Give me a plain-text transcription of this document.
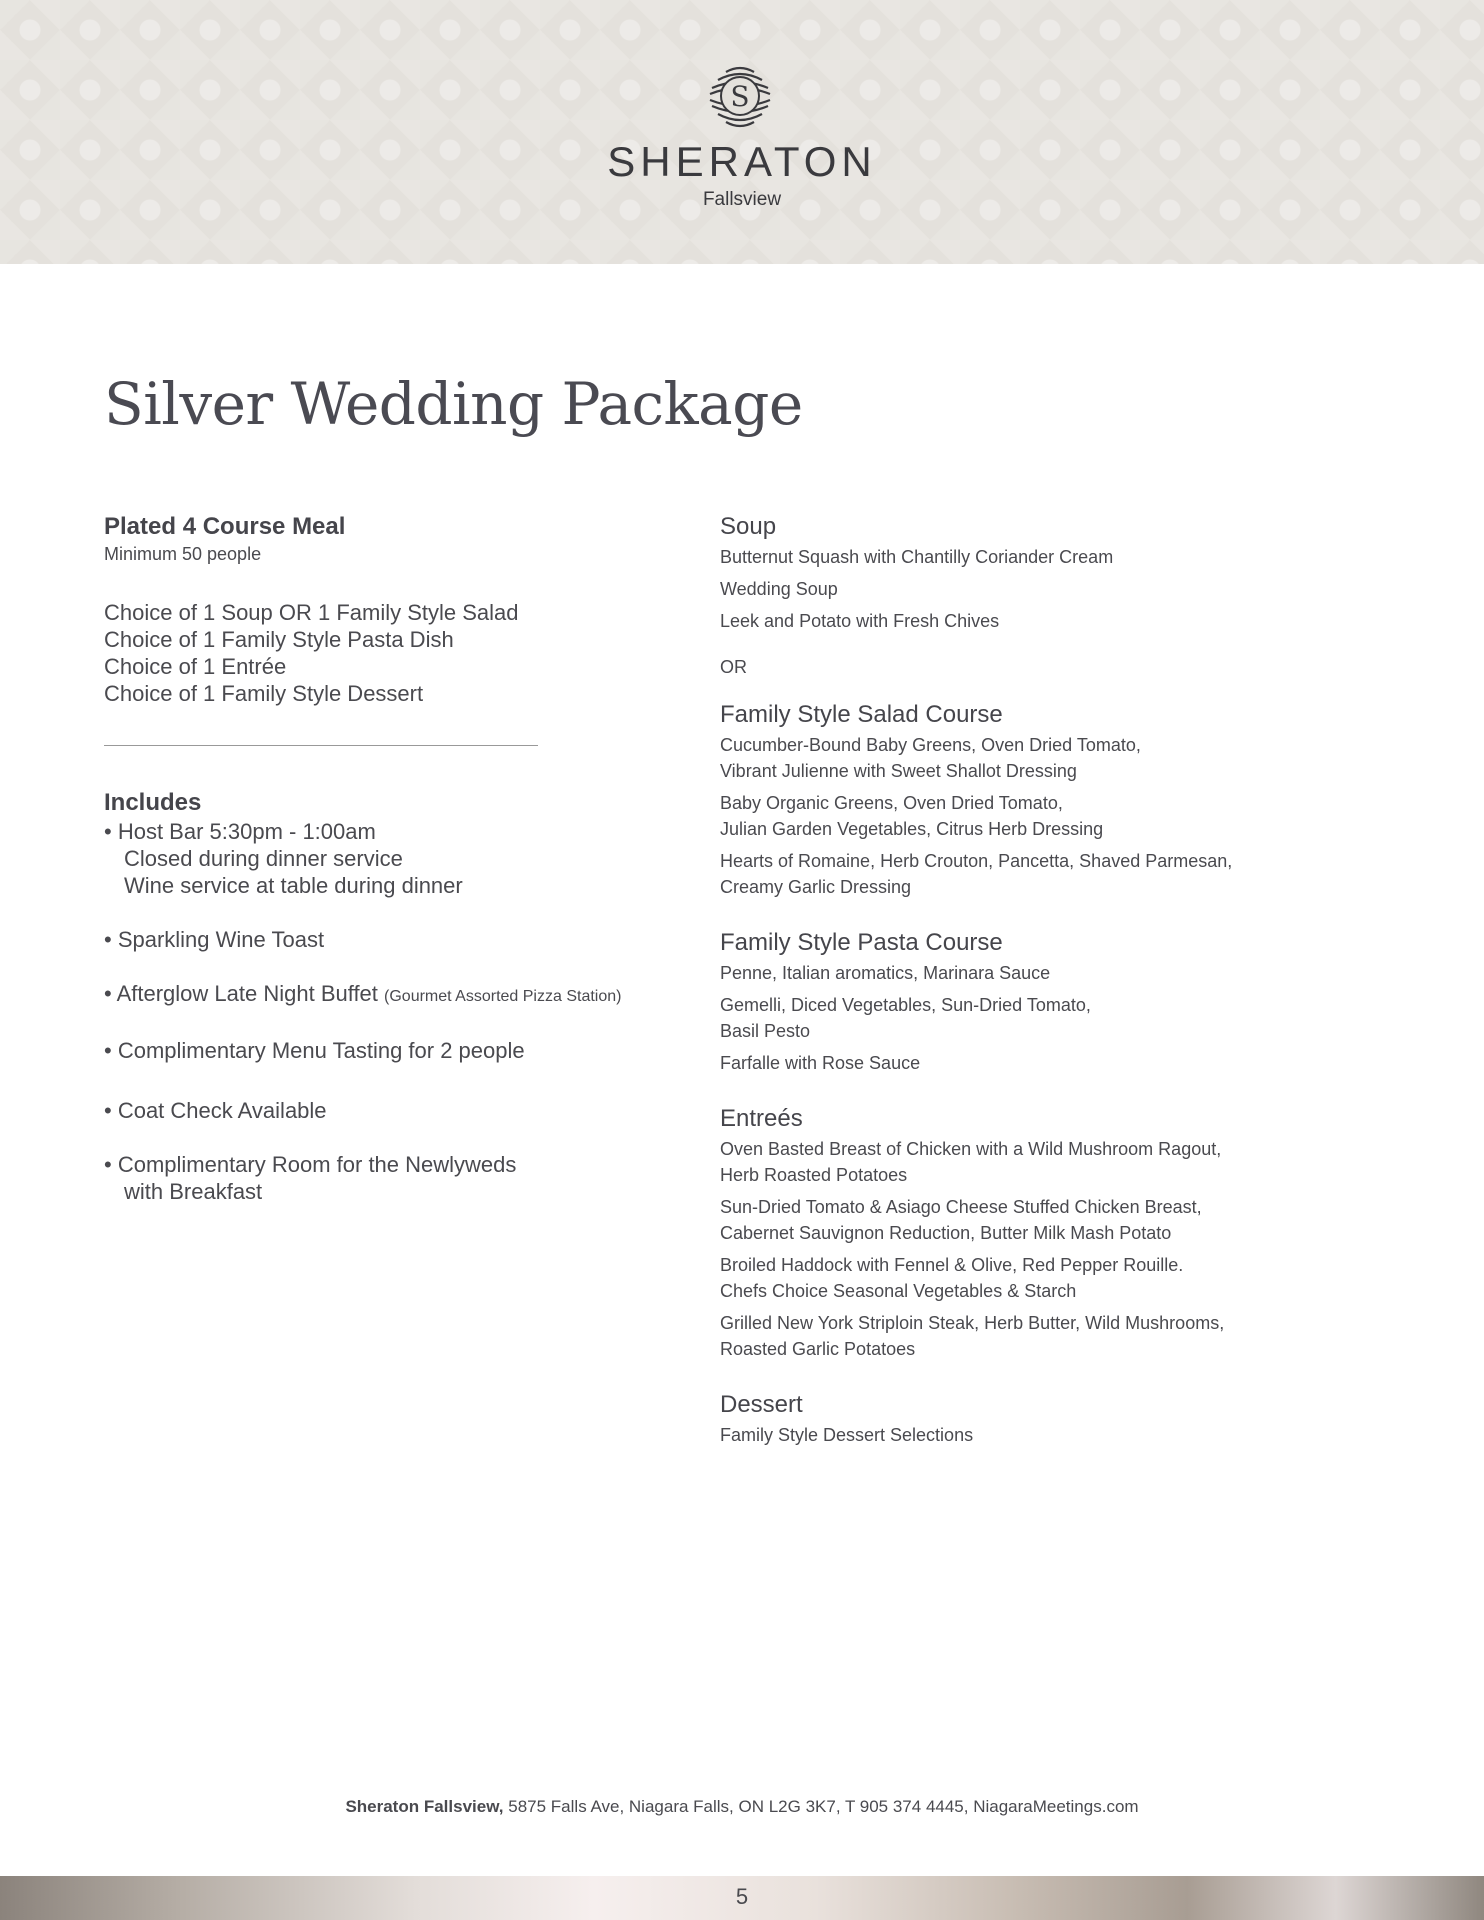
S
SHERATON
Fallsview
Silver Wedding Package

Plated 4 Course Meal

Minimum 50 people

Choice of 1 Soup OR 1 Family Style Salad
Choice of 1 Family Style Pasta Dish
Choice of 1 Entrée
Choice of 1 Family Style Dessert

Includes

• Host Bar 5:30pm - 1:00am
Closed during dinner service
Wine service at table during dinner
• Sparkling Wine Toast
• Afterglow Late Night Buffet (Gourmet Assorted Pizza Station)
• Complimentary Menu Tasting for 2 people
• Coat Check Available
• Complimentary Room for the Newlyweds
with Breakfast

Soup

Butternut Squash with Chantilly Coriander Cream
Wedding Soup
Leek and Potato with Fresh Chives
OR

Family Style Salad Course

Cucumber-Bound Baby Greens, Oven Dried Tomato,
Vibrant Julienne with Sweet Shallot Dressing
Baby Organic Greens, Oven Dried Tomato,
Julian Garden Vegetables, Citrus Herb Dressing
Hearts of Romaine, Herb Crouton, Pancetta, Shaved Parmesan,
Creamy Garlic Dressing

Family Style Pasta Course

Penne, Italian aromatics, Marinara Sauce
Gemelli, Diced Vegetables, Sun-Dried Tomato,
Basil Pesto
Farfalle with Rose Sauce

Entreés

Oven Basted Breast of Chicken with a Wild Mushroom Ragout,
Herb Roasted Potatoes
Sun-Dried Tomato & Asiago Cheese Stuffed Chicken Breast,
Cabernet Sauvignon Reduction, Butter Milk Mash Potato
Broiled Haddock with Fennel & Olive, Red Pepper Rouille.
Chefs Choice Seasonal Vegetables & Starch
Grilled New York Striploin Steak, Herb Butter, Wild Mushrooms,
Roasted Garlic Potatoes

Dessert

Family Style Dessert Selections
Sheraton Fallsview, 5875 Falls Ave, Niagara Falls, ON L2G 3K7, T 905 374 4445, NiagaraMeetings.com
5
